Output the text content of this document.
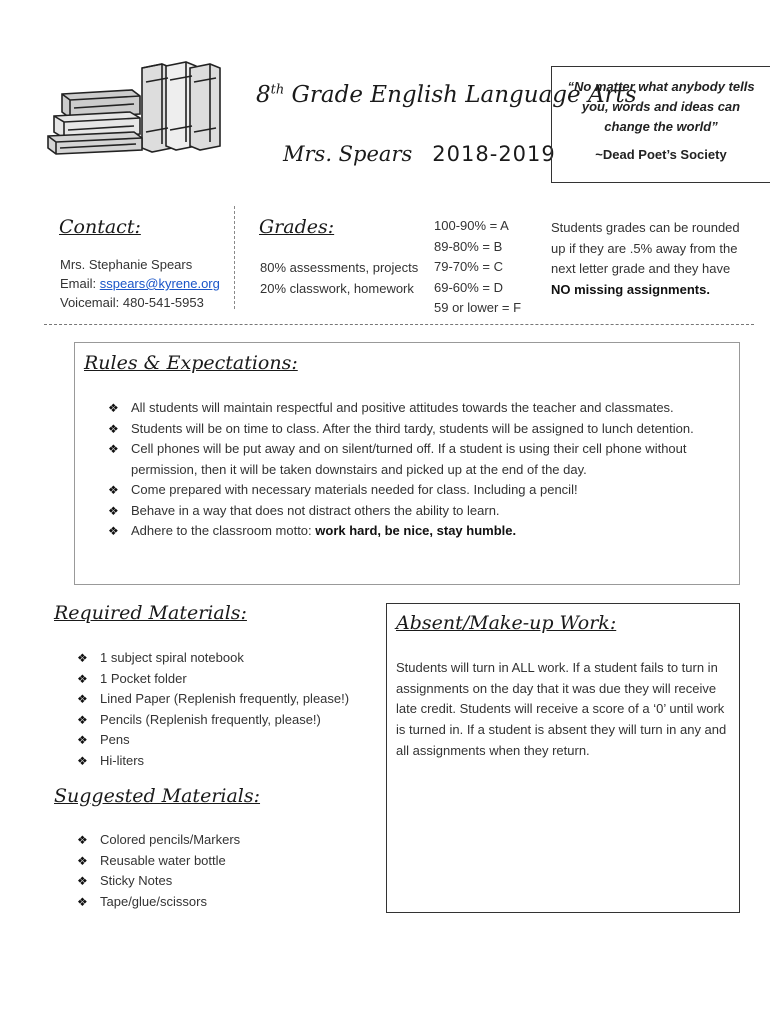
8th Grade English Language Arts
Mrs. Spears 2018-2019
“No matter what anybody tells you, words and ideas can change the world”
~Dead Poet’s Society
Contact:
Mrs. Stephanie Spears
Email: sspears@kyrene.org
Voicemail: 480-541-5953
Grades:
80% assessments, projects
20% classwork, homework
100-90% = A
89-80% = B
79-70% = C
69-60% = D
59 or lower = F
Students grades can be rounded up if they are .5% away from the next letter grade and they have NO missing assignments.
Rules & Expectations:
❖ All students will maintain respectful and positive attitudes towards the teacher and classmates.
❖ Students will be on time to class. After the third tardy, students will be assigned to lunch detention.
❖ Cell phones will be put away and on silent/turned off. If a student is using their cell phone without permission, then it will be taken downstairs and picked up at the end of the day.
❖ Come prepared with necessary materials needed for class. Including a pencil!
❖ Behave in a way that does not distract others the ability to learn.
❖ Adhere to the classroom motto: work hard, be nice, stay humble.
Required Materials:
❖ 1 subject spiral notebook
❖ 1 Pocket folder
❖ Lined Paper (Replenish frequently, please!)
❖ Pencils (Replenish frequently, please!)
❖ Pens
❖ Hi-liters
Suggested Materials:
❖ Colored pencils/Markers
❖ Reusable water bottle
❖ Sticky Notes
❖ Tape/glue/scissors
Absent/Make-up Work:
Students will turn in ALL work. If a student fails to turn in assignments on the day that it was due they will receive late credit. Students will receive a score of a ‘0’ until work is turned in. If a student is absent they will turn in any and all assignments when they return.
